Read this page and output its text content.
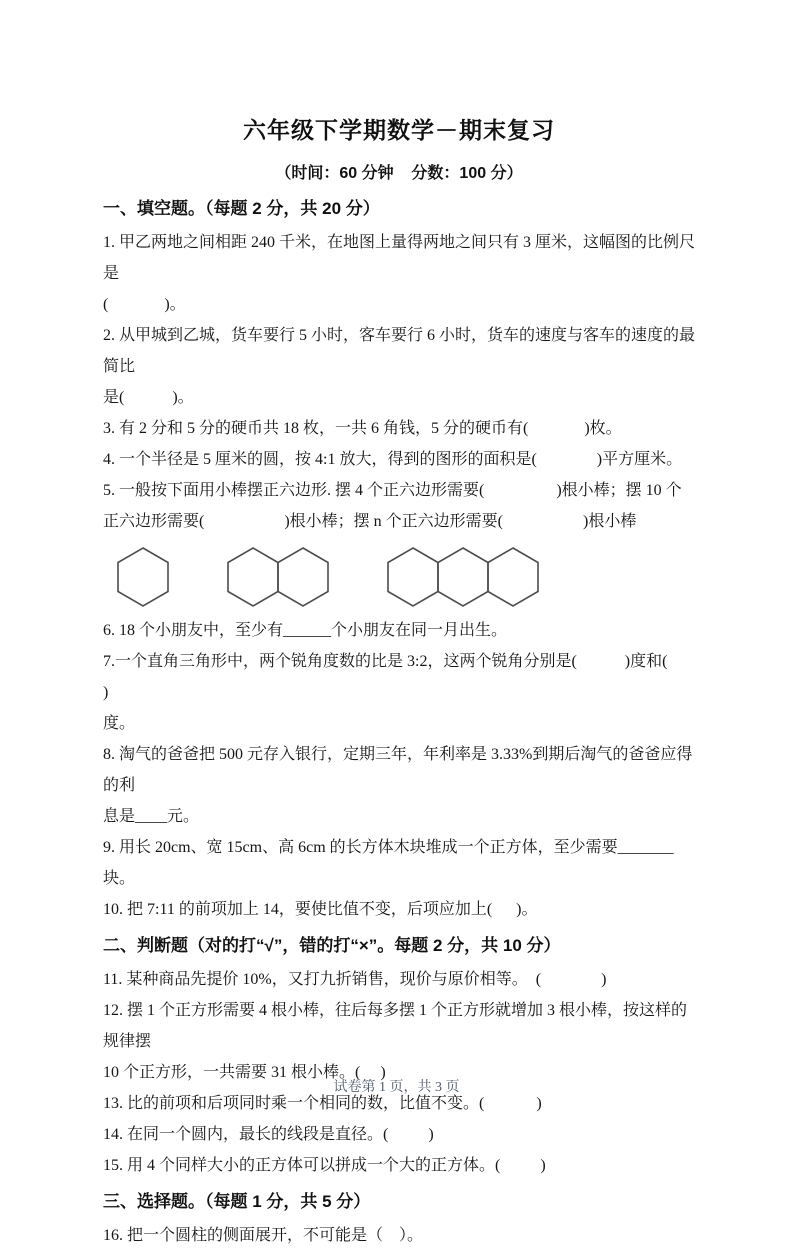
六年级下学期数学－期末复习
（时间：60 分钟    分数：100 分）
一、填空题。（每题 2 分，共 20 分）

1. 甲乙两地之间相距 240 千米，在地图上量得两地之间只有 3 厘米，这幅图的比例尺是

(              )。

2. 从甲城到乙城，货车要行 5 小时，客车要行 6 小时，货车的速度与客车的速度的最简比

是(            )。

3. 有 2 分和 5 分的硬币共 18 枚，一共 6 角钱，5 分的硬币有(              )枚。

4. 一个半径是 5 厘米的圆，按 4:1 放大，得到的图形的面积是(               )平方厘米。

5. 一般按下面用小棒摆正六边形. 摆 4 个正六边形需要(                  )根小棒；摆 10 个

正六边形需要(                    )根小棒；摆 n 个正六边形需要(                    )根小棒

6. 18 个小朋友中，至少有______个小朋友在同一月出生。

7.一个直角三角形中，两个锐角度数的比是 3:2，这两个锐角分别是(            )度和(        )

度。

8. 淘气的爸爸把 500 元存入银行，定期三年，年利率是 3.33%到期后淘气的爸爸应得的利

息是____元。

9. 用长 20cm、宽 15cm、高 6cm 的长方体木块堆成一个正方体，至少需要_______块。

10. 把 7:11 的前项加上 14，要使比值不变，后项应加上(      )。

二、判断题（对的打“√”，错的打“×”。每题 2 分，共 10 分）

11. 某种商品先提价 10%，又打九折销售，现价与原价相等。  (               )

12. 摆 1 个正方形需要 4 根小棒，往后每多摆 1 个正方形就增加 3 根小棒，按这样的规律摆

10 个正方形，一共需要 31 根小棒。(     )

13. 比的前项和后项同时乘一个相同的数，比值不变。(             )

14. 在同一个圆内，最长的线段是直径。(          )

15. 用 4 个同样大小的正方体可以拼成一个大的正方体。(          )

三、选择题。（每题 1 分，共 5 分）

16. 把一个圆柱的侧面展开，不可能是（　）。

试卷第 1 页，共 3 页
